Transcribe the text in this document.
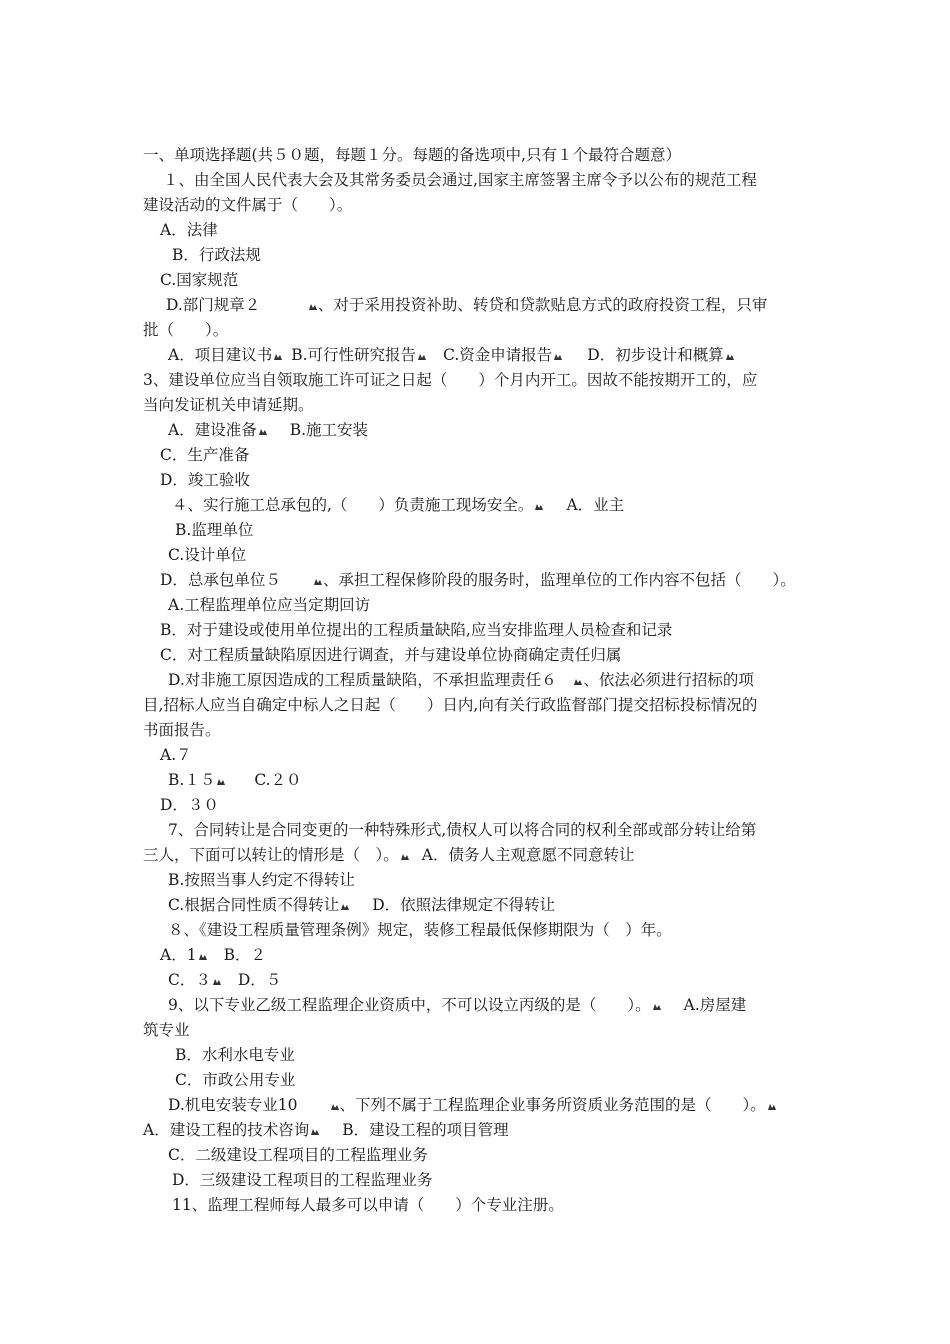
一、单项选择题(共５０题，每题１分。每题的备选项中,只有１个最符合题意）
１、由全国人民代表大会及其常务委员会通过,国家主席签署主席令予以公布的规范工程
建设活动的文件属于（　　）。
A．法律
B．行政法规
C.国家规范
D.部门规章２　　　、对于采用投资补助、转贷和贷款贴息方式的政府投资工程，只审
批（　　）。
A．项目建议书 B.可行性研究报告 C.资金申请报告 D．初步设计和概算
3、建设单位应当自领取施工许可证之日起（　　）个月内开工。因故不能按期开工的，应
当向发证机关申请延期。
A．建设准备 B.施工安装
C．生产准备
D．竣工验收
４、实行施工总承包的,（　　）负责施工现场安全。 A．业主
B.监理单位
C.设计单位
D．总承包单位５　　、承担工程保修阶段的服务时，监理单位的工作内容不包括（　　）。
A.工程监理单位应当定期回访
B．对于建设或使用单位提出的工程质量缺陷,应当安排监理人员检查和记录
C．对工程质量缺陷原因进行调查，并与建设单位协商确定责任归属
D.对非施工原因造成的工程质量缺陷，不承担监理责任６　、依法必须进行招标的项
目,招标人应当自确定中标人之日起（　　）日内,向有关行政监督部门提交招标投标情况的
书面报告。
A.７
B.１５	C.２０
D．３０
7、合同转让是合同变更的一种特殊形式,债权人可以将合同的权利全部或部分转让给第
三人，下面可以转让的情形是（　）。 A．债务人主观意愿不同意转让
B.按照当事人约定不得转让
C.根据合同性质不得转让 D．依照法律规定不得转让
８、《建设工程质量管理条例》规定，装修工程最低保修期限为（　）年。
A．1 B．２
C．３ D．５
9、以下专业乙级工程监理企业资质中，不可以设立丙级的是（　　）。 A.房屋建
筑专业
B．水利水电专业
C．市政公用专业
D.机电安装专业10　　、下列不属于工程监理企业事务所资质业务范围的是（　　）。
A．建设工程的技术咨询 B．建设工程的项目管理
C．二级建设工程项目的工程监理业务
D．三级建设工程项目的工程监理业务
11、监理工程师每人最多可以申请（　　）个专业注册。
